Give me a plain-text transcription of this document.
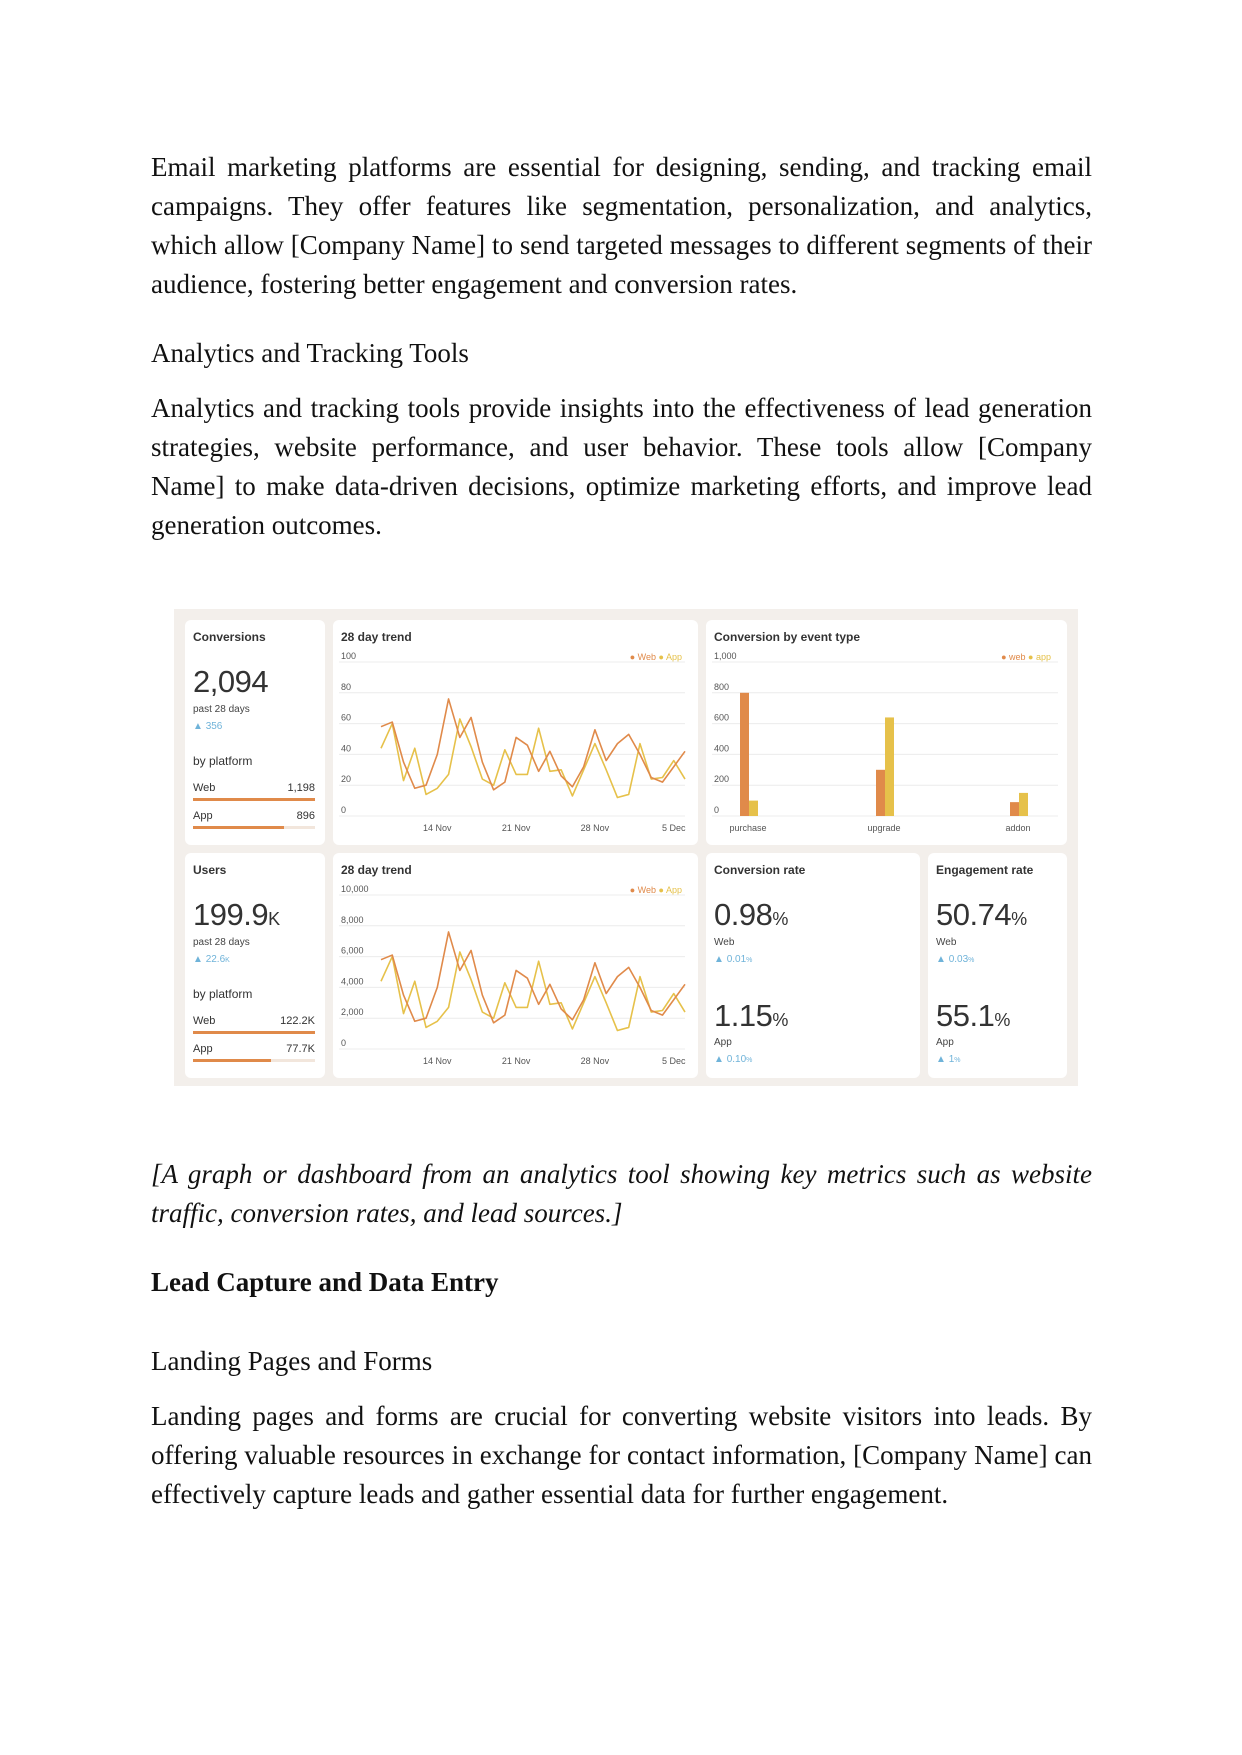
Email marketing platforms are essential for designing, sending, and tracking email campaigns. They offer features like segmentation, personalization, and analytics, which allow [Company Name] to send targeted messages to different segments of their audience, fostering better engagement and conversion rates.

Analytics and Tracking Tools

Analytics and tracking tools provide insights into the effectiveness of lead generation strategies, website performance, and user behavior. These tools allow [Company Name] to make data-driven decisions, optimize marketing efforts, and improve lead generation outcomes.

Conversions
2,094
past 28 days
▲ 356
by platform
Web	1,198
App	896
28 day trend
● Web ● App
0
20
40
60
80
100
14 Nov	21 Nov	28 Nov	5 Dec
Conversion by event type
● web ● app
0
200
400
600
800
1,000
purchase	upgrade	addon
Users
199.9K
past 28 days
▲ 22.6K
by platform
Web	122.2K
App	77.7K
28 day trend
● Web ● App
0
2,000
4,000
6,000
8,000
10,000
14 Nov	21 Nov	28 Nov	5 Dec
Conversion rate
0.98%
Web
▲ 0.01%
1.15%
App
▲ 0.10%
Engagement rate
50.74%
Web
▲ 0.03%
55.1%
App
▲ 1%

[A graph or dashboard from an analytics tool showing key metrics such as website traffic, conversion rates, and lead sources.]

Lead Capture and Data Entry

Landing Pages and Forms

Landing pages and forms are crucial for converting website visitors into leads. By offering valuable resources in exchange for contact information, [Company Name] can effectively capture leads and gather essential data for further engagement.
